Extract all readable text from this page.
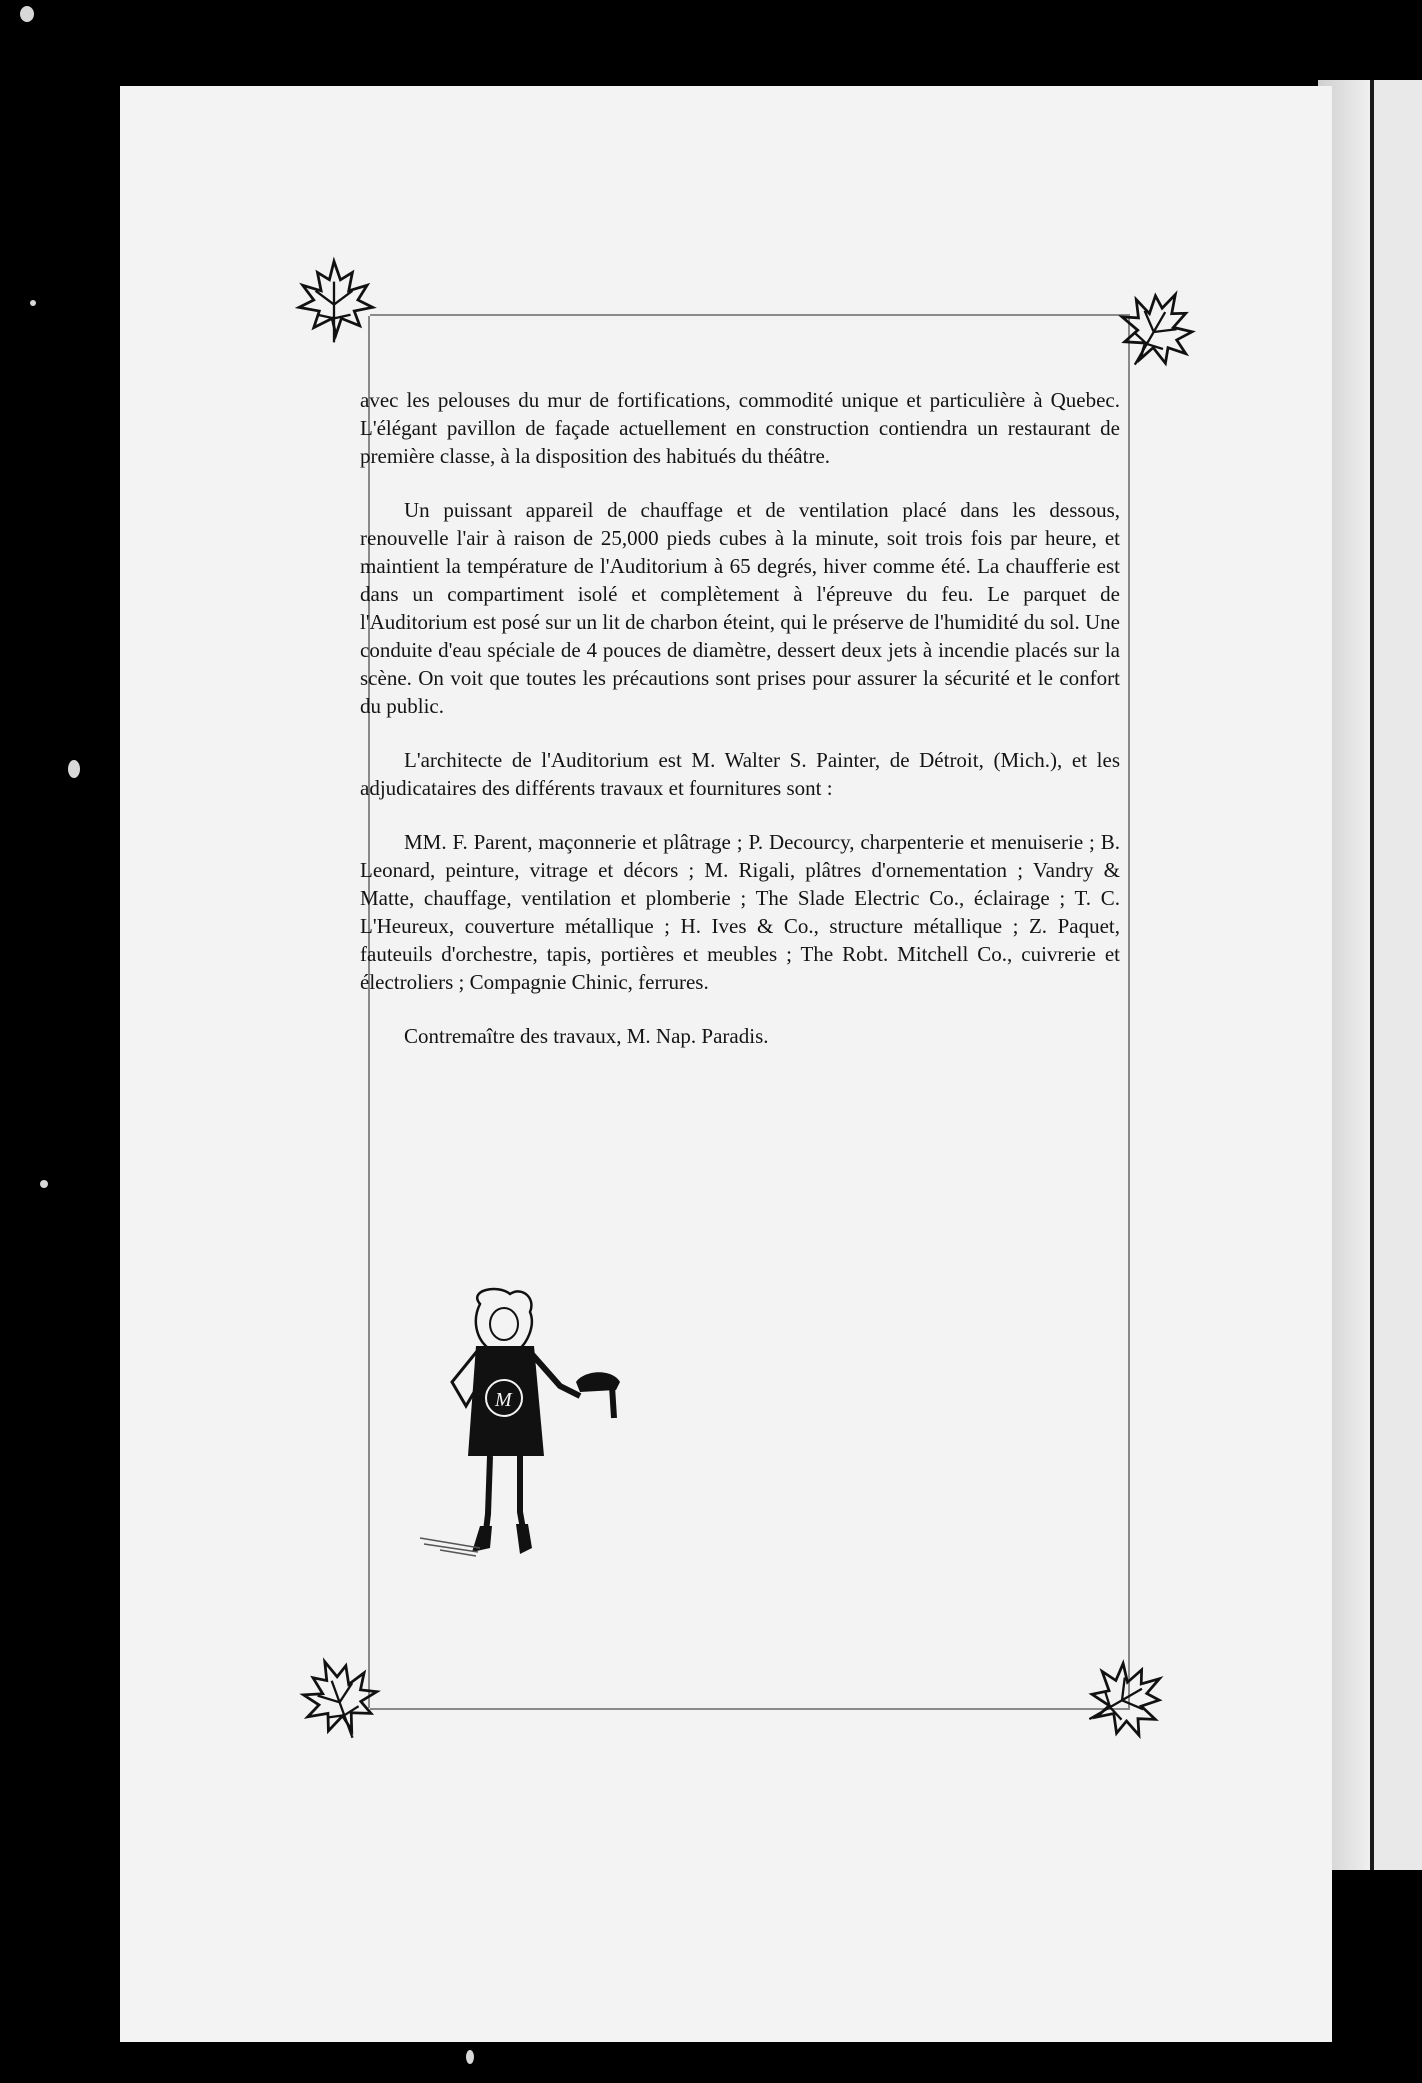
avec les pelouses du mur de fortifications, commodité unique et particulière à Quebec. L'élégant pavillon de façade actuellement en construction contiendra un restaurant de première classe, à la disposition des habitués du théâtre.

Un puissant appareil de chauffage et de ventilation placé dans les dessous, renouvelle l'air à raison de 25,000 pieds cubes à la minute, soit trois fois par heure, et maintient la température de l'Auditorium à 65 degrés, hiver comme été. La chaufferie est dans un compartiment isolé et complètement à l'épreuve du feu. Le parquet de l'Auditorium est posé sur un lit de charbon éteint, qui le préserve de l'humidité du sol. Une conduite d'eau spéciale de 4 pouces de diamètre, dessert deux jets à incendie placés sur la scène. On voit que toutes les précautions sont prises pour assurer la sécurité et le confort du public.

L'architecte de l'Auditorium est M. Walter S. Painter, de Détroit, (Mich.), et les adjudicataires des différents travaux et fournitures sont :

MM. F. Parent, maçonnerie et plâtrage ; P. Decourcy, charpenterie et menuiserie ; B. Leonard, peinture, vitrage et décors ; M. Rigali, plâtres d'ornementation ; Vandry & Matte, chauffage, ventilation et plomberie ; The Slade Electric Co., éclairage ; T. C. L'Heureux, couverture métallique ; H. Ives & Co., structure métallique ; Z. Paquet, fauteuils d'orchestre, tapis, portières et meubles ; The Robt. Mitchell Co., cuivrerie et électroliers ; Compagnie Chinic, ferrures.

Contremaître des travaux, M. Nap. Paradis.

M
